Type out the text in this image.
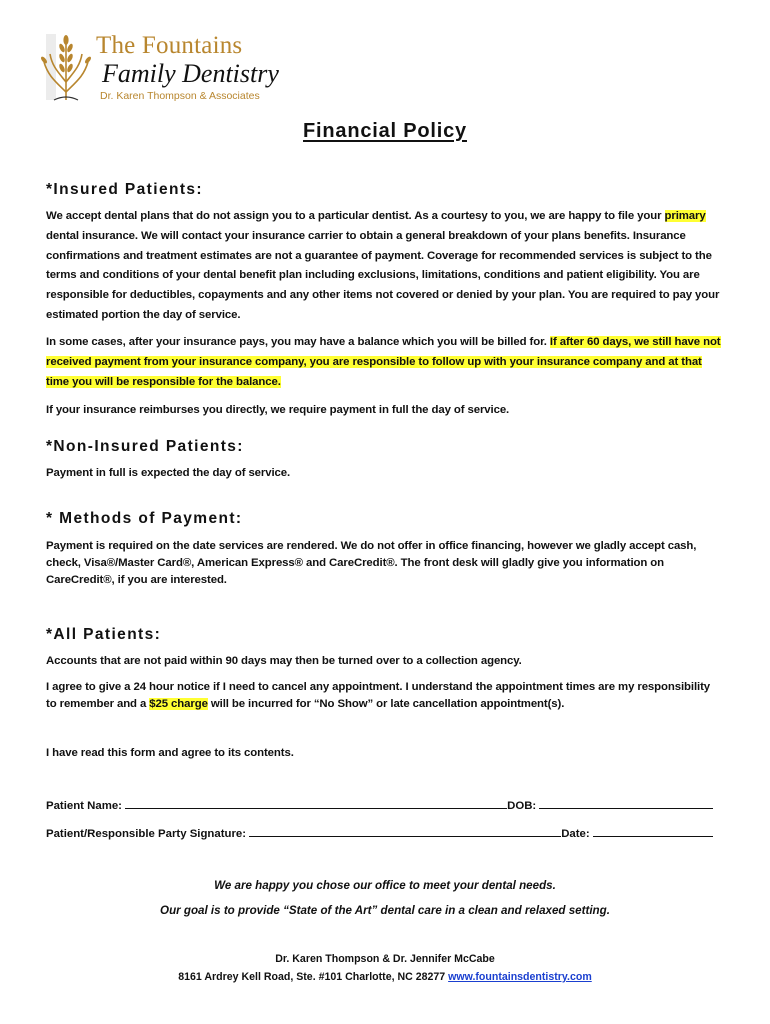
The Fountains
Family Dentistry
Dr. Karen Thompson & Associates
Financial Policy
*Insured Patients:
We accept dental plans that do not assign you to a particular dentist. As a courtesy to you, we are happy to file your primary dental insurance. We will contact your insurance carrier to obtain a general breakdown of your plans benefits. Insurance confirmations and treatment estimates are not a guarantee of payment. Coverage for recommended services is subject to the terms and conditions of your dental benefit plan including exclusions, limitations, conditions and patient eligibility. You are responsible for deductibles, copayments and any other items not covered or denied by your plan. You are required to pay your estimated portion the day of service.
In some cases, after your insurance pays, you may have a balance which you will be billed for. If after 60 days, we still have not received payment from your insurance company, you are responsible to follow up with your insurance company and at that time you will be responsible for the balance.
If your insurance reimburses you directly, we require payment in full the day of service.
*Non-Insured Patients:
Payment in full is expected the day of service.
* Methods of Payment:
Payment is required on the date services are rendered. We do not offer in office financing, however we gladly accept cash, check, Visa®/Master Card®, American Express® and CareCredit®. The front desk will gladly give you information on CareCredit®, if you are interested.
*All Patients:
Accounts that are not paid within 90 days may then be turned over to a collection agency.
I agree to give a 24 hour notice if I need to cancel any appointment. I understand the appointment times are my responsibility to remember and a $25 charge will be incurred for “No Show” or late cancellation appointment(s).
I have read this form and agree to its contents.
Patient Name:	DOB:
Patient/Responsible Party Signature:	Date:
We are happy you chose our office to meet your dental needs.
Our goal is to provide “State of the Art” dental care in a clean and relaxed setting.
Dr. Karen Thompson & Dr. Jennifer McCabe
8161 Ardrey Kell Road, Ste. #101 Charlotte, NC 28277 www.fountainsdentistry.com
